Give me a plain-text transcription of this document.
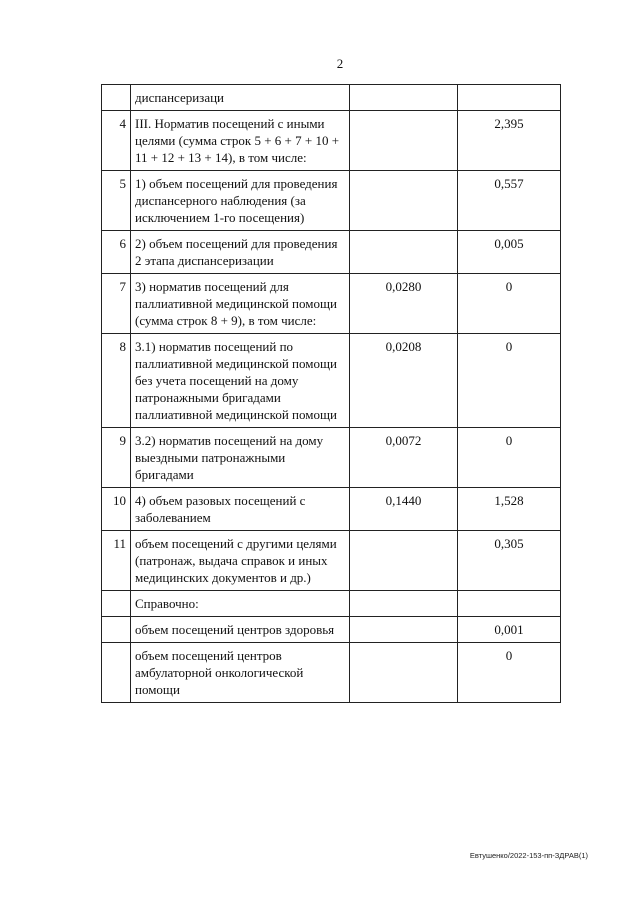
2
	диспансеризаци		
4	III. Норматив посещений с иными целями (сумма строк 5 + 6 + 7 + 10 + 11 + 12 + 13 + 14), в том числе:		2,395
5	1) объем посещений для проведения диспансерного наблюдения (за исключением 1-го посещения)		0,557
6	2) объем посещений для проведения 2 этапа диспансеризации		0,005
7	3) норматив посещений для паллиативной медицинской помощи (сумма строк 8 + 9), в том числе:	0,0280	0
8	3.1) норматив посещений по паллиативной медицинской помощи без учета посещений на дому патронажными бригадами паллиативной медицинской помощи	0,0208	0
9	3.2) норматив посещений на дому выездными патронажными бригадами	0,0072	0
10	4) объем разовых посещений с заболеванием	0,1440	1,528
11	объем посещений с другими целями (патронаж, выдача справок и иных медицинских документов и др.)		0,305
	Справочно:		
	объем посещений центров здоровья		0,001
	объем посещений центров амбулаторной онкологической помощи		0
Евтушенко/2022-153-пп-ЗДРАВ(1)
